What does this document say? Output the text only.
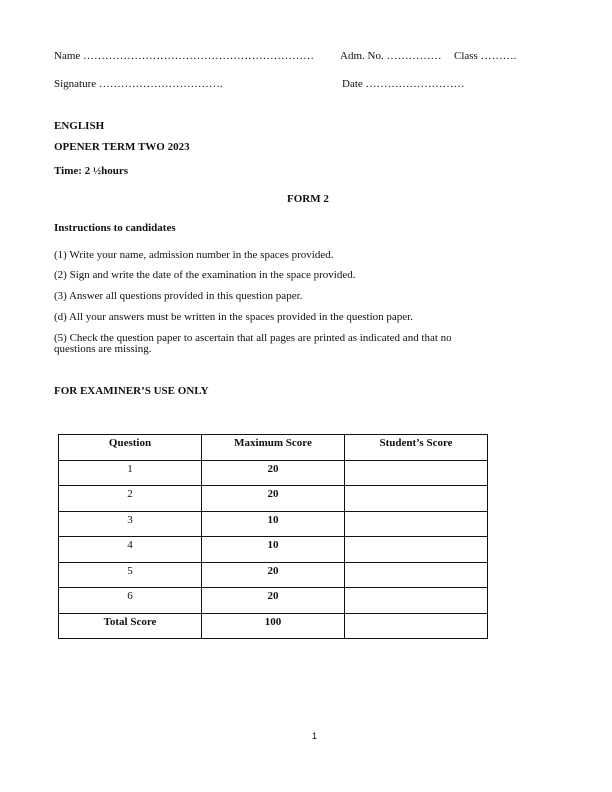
Name ……………………………………………………… Adm. No. …………… Class ……….
Signature …………………………….	Date ………………………
ENGLISH
OPENER TERM TWO 2023
Time: 2 ½hours
FORM 2
Instructions to candidates
(1) Write your name, admission number in the spaces provided.
(2) Sign and write the date of the examination in the space provided.
(3) Answer all questions provided in this question paper.
(d) All your answers must be written in the spaces provided in the question paper.
(5) Check the question paper to ascertain that all pages are printed as indicated and that no
questions are missing.
FOR EXAMINER’S USE ONLY
Question	Maximum Score	Student’s Score
1	20	
2	20	
3	10	
4	10	
5	20	
6	20	
Total Score	100	
1
